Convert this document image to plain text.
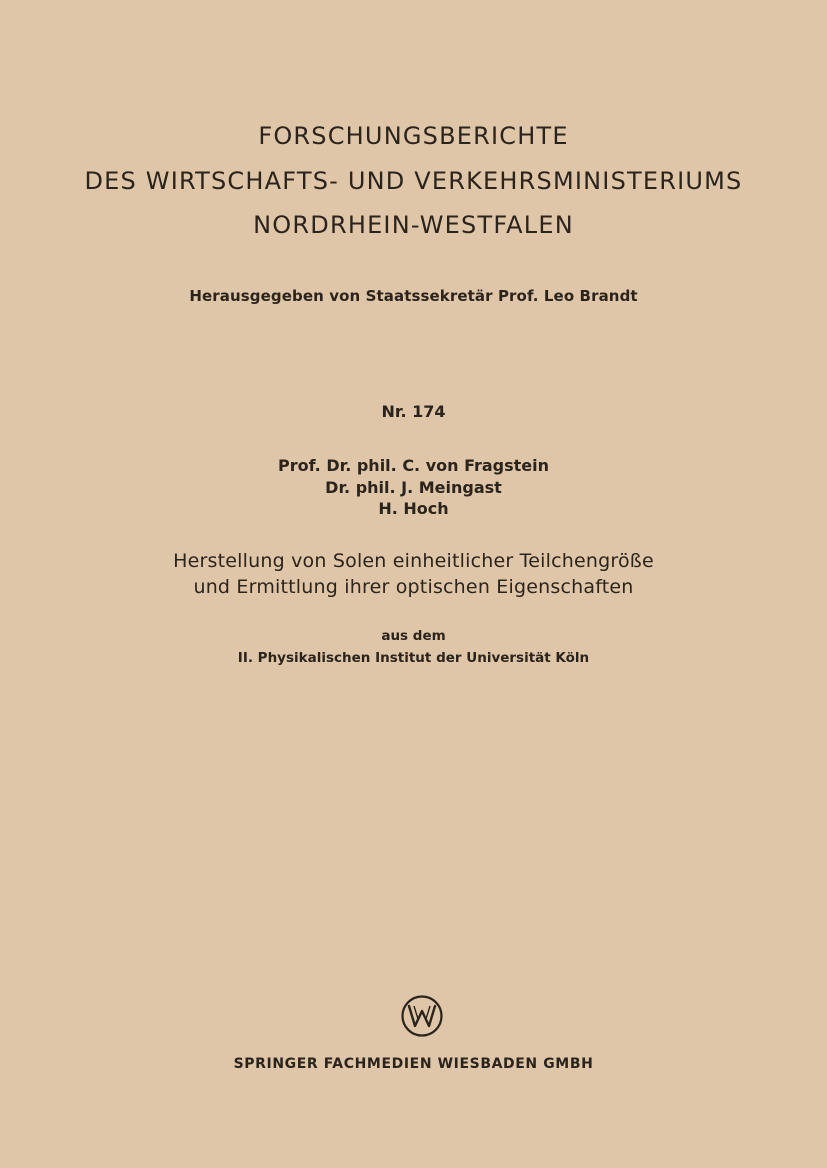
FORSCHUNGSBERICHTE
DES WIRTSCHAFTS- UND VERKEHRSMINISTERIUMS
NORDRHEIN-WESTFALEN
Herausgegeben von Staatssekretär Prof. Leo Brandt
Nr. 174
Prof. Dr. phil. C. von Fragstein
Dr. phil. J. Meingast
H. Hoch
Herstellung von Solen einheitlicher Teilchengröße
und Ermittlung ihrer optischen Eigenschaften
aus dem
II. Physikalischen Institut der Universität Köln
SPRINGER FACHMEDIEN WIESBADEN GMBH
